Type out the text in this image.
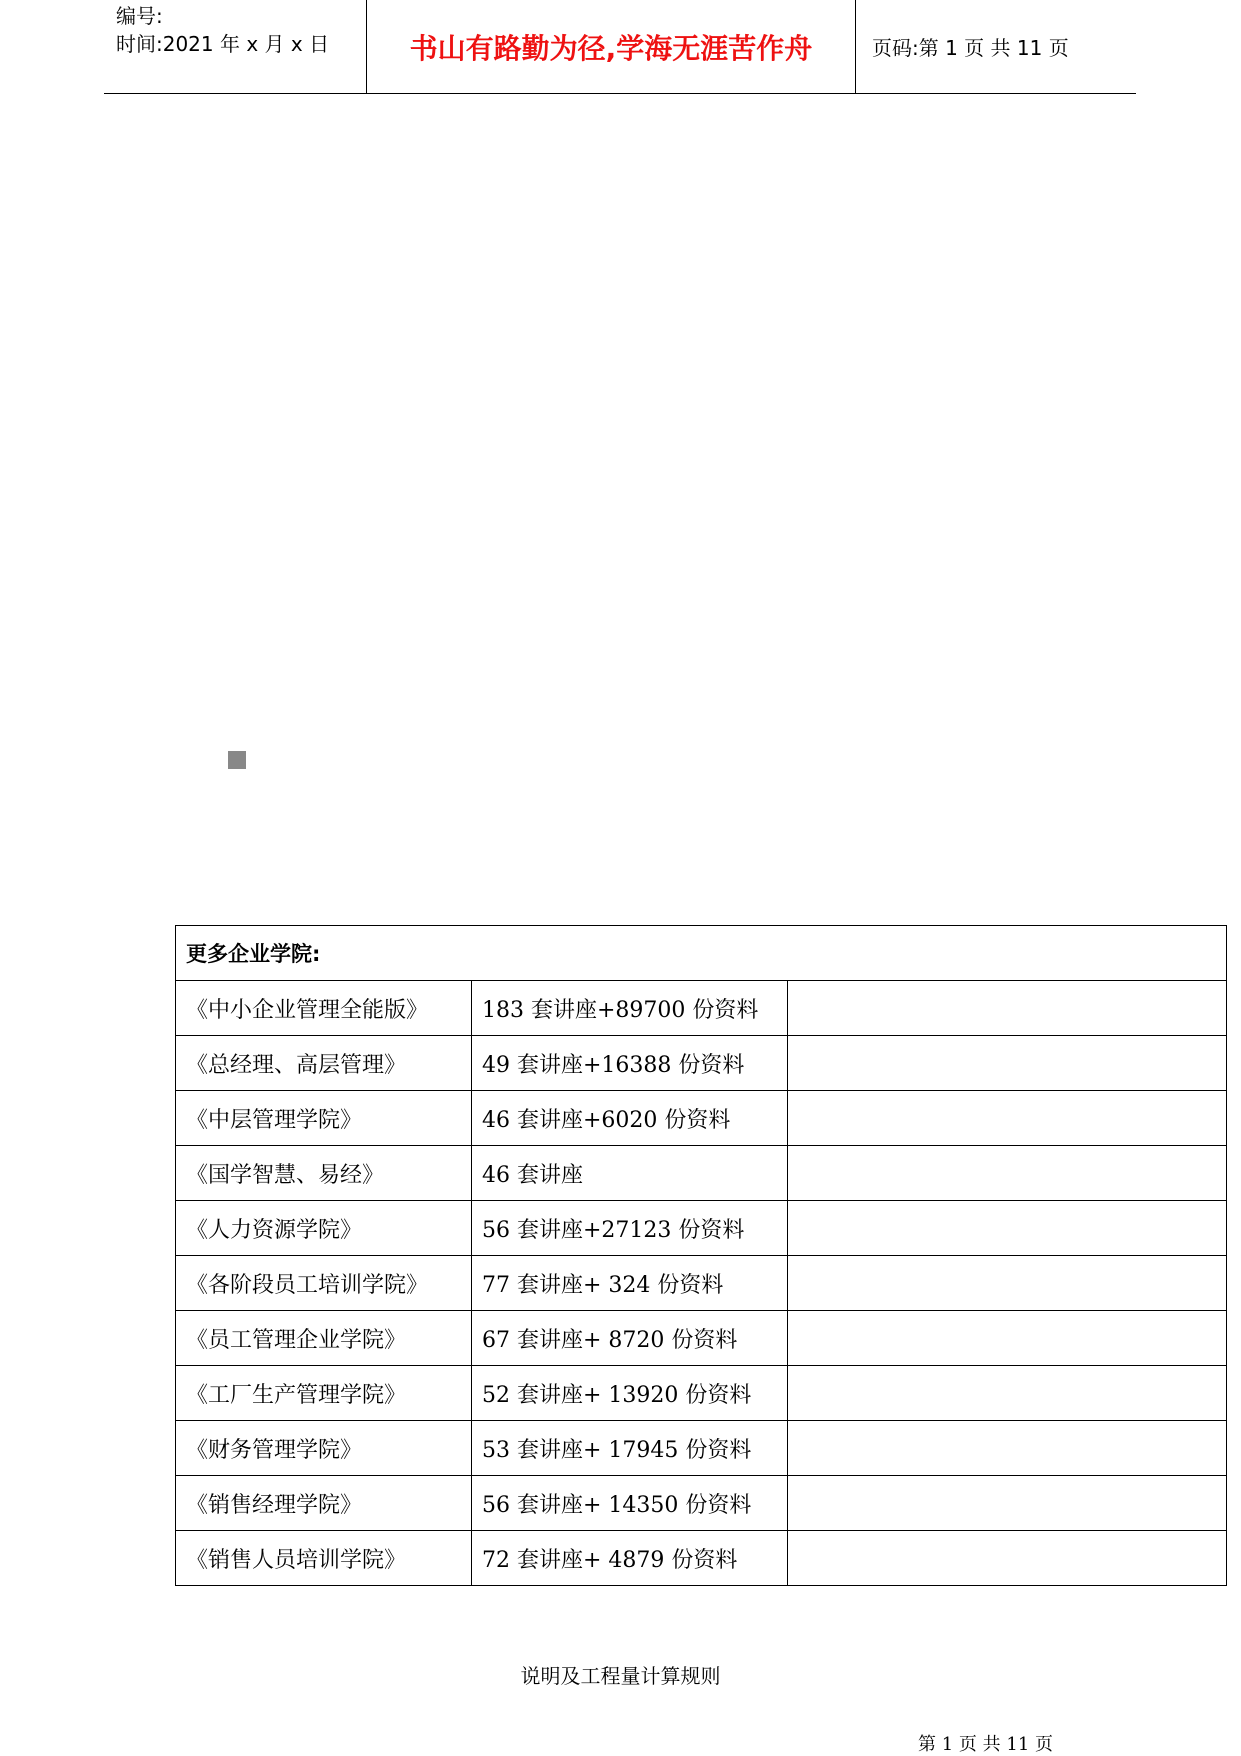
编号:
时间:2021 年 x 月 x 日	书山有路勤为径,学海无涯苦作舟	页码:第 1 页 共 11 页
更多企业学院:		
《中小企业管理全能版》	183 套讲座+89700 份资料	
《总经理、高层管理》	49 套讲座+16388 份资料	
《中层管理学院》	46 套讲座+6020 份资料	
《国学智慧、易经》	46 套讲座	
《人力资源学院》	56 套讲座+27123 份资料	
《各阶段员工培训学院》	77 套讲座+ 324 份资料	
《员工管理企业学院》	67 套讲座+ 8720 份资料	
《工厂生产管理学院》	52 套讲座+ 13920 份资料	
《财务管理学院》	53 套讲座+ 17945 份资料	
《销售经理学院》	56 套讲座+ 14350 份资料	
《销售人员培训学院》	72 套讲座+ 4879 份资料	
说明及工程量计算规则
第 1 页 共 11 页
